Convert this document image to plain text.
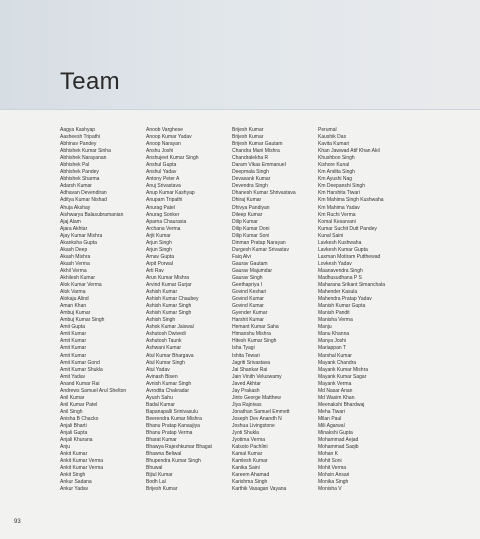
Team
Aagya Kashyap
Aasheesh Tripathi
Abhinav Pandey
Abhishek Kumar Sinha
Abhishek Narayanan
Abhishek Pal
Abhishek Pandey
Abhishek Sharma
Adarsh Kumar
Adhavan Devendiran
Aditya Kumar Nishad
Ahuja Akshay
Aishwarya Balasubramanian
Ajaj Alam
Ajara Akhtar
Ajay Kumar Mishra
Akanksha Gupta
Akash Deep
Akash Mishra
Akash Verma
Akhil Verma
Akhilesh Kumar
Alok Kumar Verma
Alok Varma
Alokaju Alind
Aman Khan
Ambuj Kumar
Ambuj Kumar Singh
Amit Gupta
Amit Kumar
Amit Kumar
Amit Kumar
Amit Kumar
Amit Kumar Gond
Amit Kumar Shukla
Amit Yadav
Anand Kumar Rai
Andrews Samuel Arul Shelton
Anil Kumar
Anil Kumar Patel
Anil Singh
Anisha B Chacko
Anjali Bharti
Anjali Gupta
Anjali Khurana
Anju
Ankit Kumar
Ankit Kumar Verma
Ankit Kumar Verma
Ankit Singh
Ankur Sadana
Ankur Yadav
Anoob Varghese
Anoop Kumar Yadav
Anoop Narayan
Anshu Joshi
Anshujeet Kumar Singh
Anshul Gupta
Anshul Yadav
Antony Peter A
Anuj Srivastava
Anup Kumar Kashyap
Anupam Tripathi
Anurag Patel
Anurag Sonker
Aparna Chaurasia
Archana Verma
Arjit Kumar
Arjun Singh
Arjun Singh
Arnav Gupta
Arpit Porwal
Arti Rav
Arun Kumar Mishra
Arvind Kumar Gurjar
Ashish Kumar
Ashish Kumar Chaubey
Ashish Kumar Singh
Ashish Kumar Singh
Ashish Singh
Ashok Kumar Jaiswal
Ashutosh Dwivedi
Ashutosh Taunk
Ashwani Kumar
Atul Kumar Bhargava
Atul Kumar Singh
Atul Yadav
Avinash Bisen
Avnish Kumar Singh
Avrodita Chakradar
Ayush Sahu
Badal Kumar
Bapanapalli Srinivasulu
Beerendra Kumar Mishra
Bhanu Pratap Kanaujiya
Bhanu Pratap Verma
Bharat Kumar
Bhawya Rajeshkumar Bhagat
Bhawna Beliwal
Bhupendra Kumar Singh
Bhuwal
Bijiul Kumar
Bodh Lal
Brijesh Kumar
Brijesh Kumar
Brijesh Kumar
Brijesh Kumar Gautam
Chandra Mani Mishra
Chandralekha R
Daram Vikas Emmanuel
Deepmala Singh
Devasank Kumar
Devendra Singh
Dhanesh Kumar Shrivastava
Dhiraj Kumar
Dhivya Pandiyan
Dileep Kumar
Dilip Kumar
Dilip Kumar Doni
Dilip Kumar Soni
Dinman Pratap Narayan
Durgesh Kumar Srivastav
Faiq Alvi
Gaurav Gautam
Gaurav Majumdar
Gaurav Singh
Geethapriya I
Govind Keshari
Govind Kumar
Govind Kumar
Gyender Kumar
Harshit Kumar
Hemant Kumar Saha
Himanshu Mishra
Hitesh Kumar Singh
Isha Tyagi
Ishita Tewari
Jagriti Srivastava
Jai Shankar Rai
Jain Vinith Veluswamy
Javed Akhtar
Jay Prakash
Jinto George Matthew
Jiya Rajnivas
Jonathan Samuel Emmett
Joseph Dev Anandh N
Joshua Livingstone
Jyoti Shukla
Jyotima Verma
Kalsoto Pachlini
Kamal Kumar
Kamlesh Kumar
Kanika Saini
Kareem Ahamad
Karishma Singh
Karthik Vasagan Vayana
Perumal
Kaushik Das
Kavita Kumari
Khan Jawwad Atif Khan Akil
Khushboo Singh
Kishore Kunal
Km Andita Singh
Km Ayushi Nag
Km Deepanshi Singh
Km Harshita Tiwari
Km Mahima Singh Kushwaha
Km Mahima Yadav
Km Ruchi Verma
Komal Kesarvani
Kumar Suchit Dutt Pandey
Kunal Saini
Lavkesh Kushwaha
Lavkesh Kumar Gupta
Laxman Motiram Putthewad
Lovkesh Yadav
Maanavendra Singh
Madhusudhana P S
Maharana Srikant Simanchala
Mahender Kasula
Mahendra Pratap Yadav
Manish Kumar Gupta
Manish Pandit
Manisha Verma
Manju
Manu Khanna
Manya Joshi
Mariappan T
Marshal Kumar
Mayank Chandra
Mayank Kumar Mishra
Mayank Kumar Sagar
Mayank Verma
Md Nasar Anan
Md Wasim Khan
Meenakshi Bhardwaj
Meha Tiwari
Milan Paul
Mili Agarwal
Minakshi Gupta
Mohammad Aejad
Mohammad Saqib
Mohan K
Mohit Soni
Mohit Verma
Mohsin Ansari
Monika Singh
Monisha V
93
